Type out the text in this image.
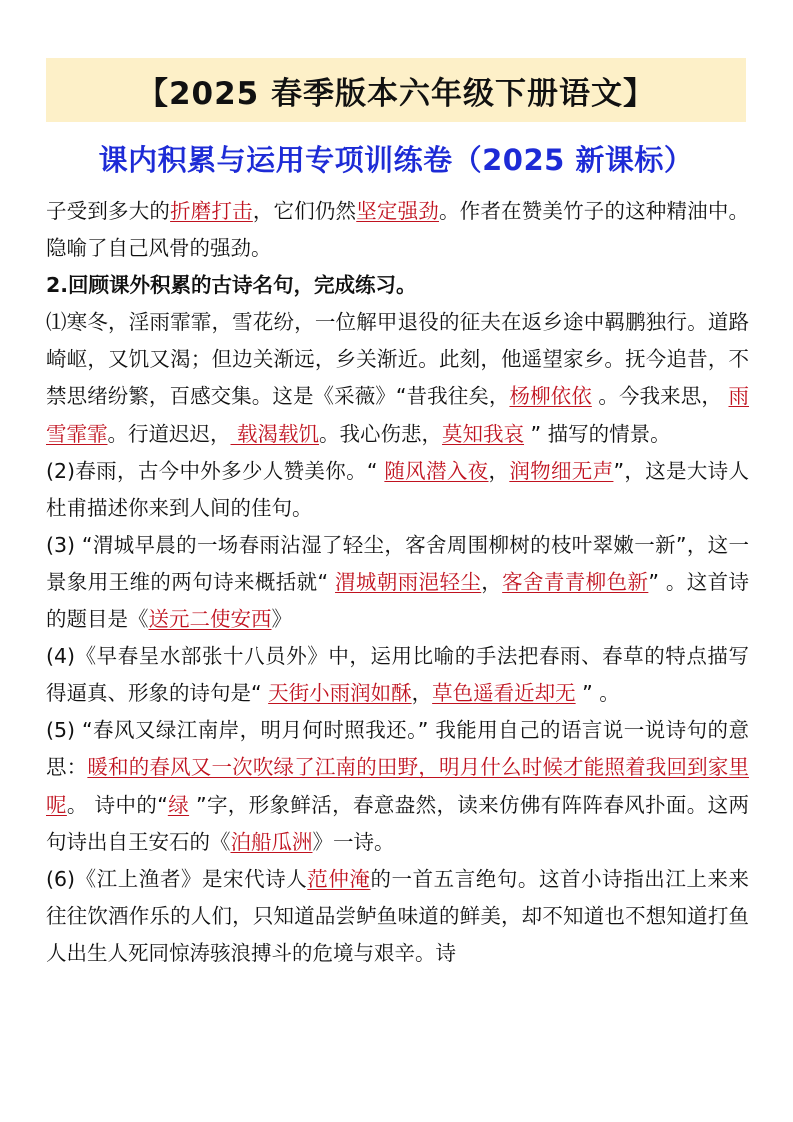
【2025 春季版本六年级下册语文】
课内积累与运用专项训练卷（2025 新课标）

子受到多大的折磨打击，它们仍然坚定强劲。作者在赞美竹子的这种精油中。隐喻了自己风骨的强劲。

2.回顾课外积累的古诗名句，完成练习。

⑴寒冬，淫雨霏霏，雪花纷，一位解甲退役的征夫在返乡途中羁鹏独行。道路崎岖，又饥又渴；但边关渐远，乡关渐近。此刻，他遥望家乡。抚今追昔，不禁思绪纷繁，百感交集。这是《采薇》“昔我往矣，杨柳依依 。今我来思， 雨雪霏霏。行道迟迟， 载渴载饥。我心伤悲，莫知我哀 ” 描写的情景。

(2)春雨，古今中外多少人赞美你。“ 随风潜入夜，润物细无声”，这是大诗人杜甫描述你来到人间的佳句。

(3) “渭城早晨的一场春雨沾湿了轻尘，客舍周围柳树的枝叶翠嫩一新”，这一景象用王维的两句诗来概括就“ 渭城朝雨浥轻尘，客舍青青柳色新” 。这首诗的题目是《送元二使安西》

(4)《早春呈水部张十八员外》中，运用比喻的手法把春雨、春草的特点描写得逼真、形象的诗句是“ 天街小雨润如酥，草色遥看近却无 ” 。

(5) “春风又绿江南岸，明月何时照我还。” 我能用自己的语言说一说诗句的意思：暖和的春风又一次吹绿了江南的田野，明月什么时候才能照着我回到家里呢。 诗中的“绿 ”字，形象鲜活，春意盎然，读来仿佛有阵阵春风扑面。这两句诗出自王安石的《泊船瓜洲》一诗。

(6)《江上渔者》是宋代诗人范仲淹的一首五言绝句。这首小诗指出江上来来往往饮酒作乐的人们，只知道品尝鲈鱼味道的鲜美，却不知道也不想知道打鱼人出生人死同惊涛骇浪搏斗的危境与艰辛。诗
